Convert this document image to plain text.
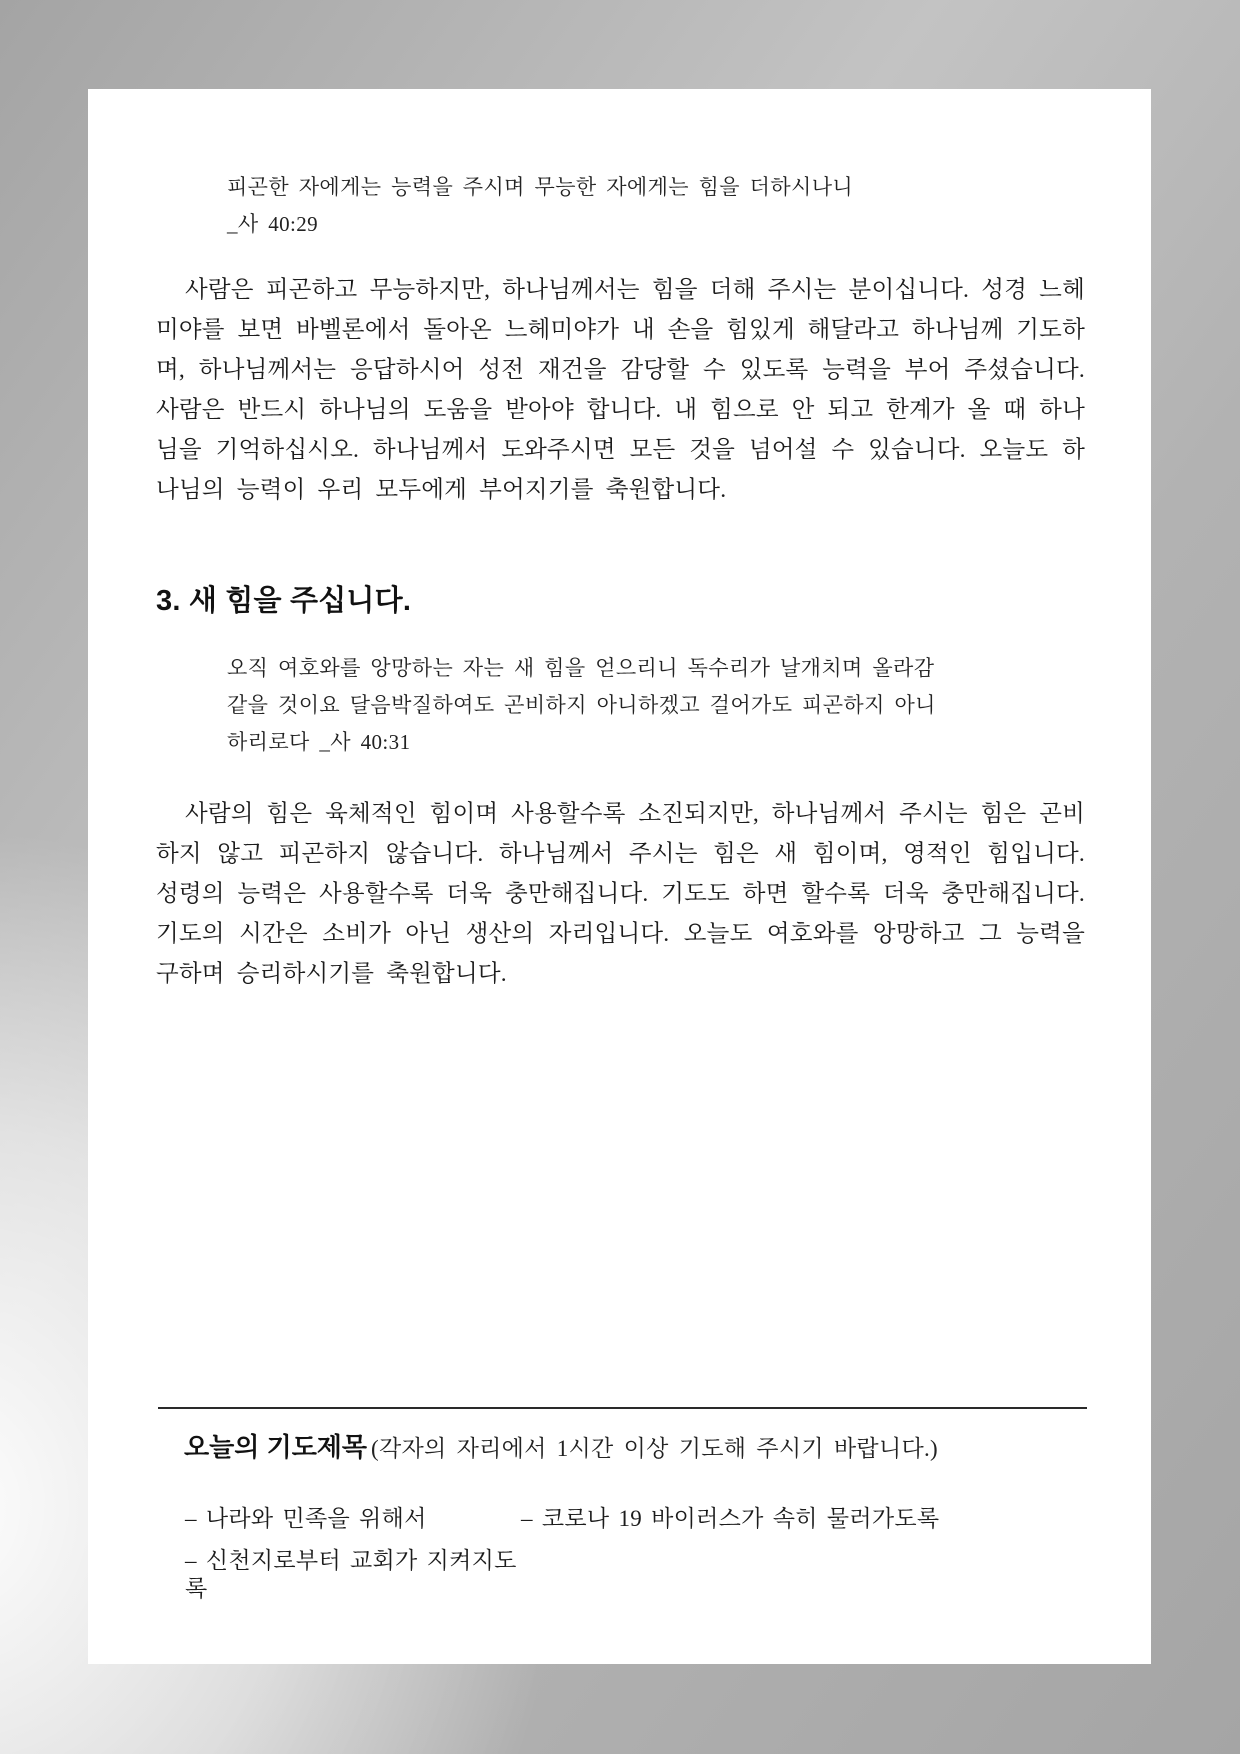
피곤한 자에게는 능력을 주시며 무능한 자에게는 힘을 더하시나니
_사 40:29

사람은 피곤하고 무능하지만, 하나님께서는 힘을 더해 주시는 분이십니다. 성경 느헤미야를 보면 바벨론에서 돌아온 느헤미야가 내 손을 힘있게 해달라고 하나님께 기도하며, 하나님께서는 응답하시어 성전 재건을 감당할 수 있도록 능력을 부어 주셨습니다. 사람은 반드시 하나님의 도움을 받아야 합니다. 내 힘으로 안 되고 한계가 올 때 하나님을 기억하십시오. 하나님께서 도와주시면 모든 것을 넘어설 수 있습니다. 오늘도 하나님의 능력이 우리 모두에게 부어지기를 축원합니다.

3. 새 힘을 주십니다.
오직 여호와를 앙망하는 자는 새 힘을 얻으리니 독수리가 날개치며 올라감
같을 것이요 달음박질하여도 곤비하지 아니하겠고 걸어가도 피곤하지 아니
하리로다 _사 40:31

사람의 힘은 육체적인 힘이며 사용할수록 소진되지만, 하나님께서 주시는 힘은 곤비하지 않고 피곤하지 않습니다. 하나님께서 주시는 힘은 새 힘이며, 영적인 힘입니다. 성령의 능력은 사용할수록 더욱 충만해집니다. 기도도 하면 할수록 더욱 충만해집니다. 기도의 시간은 소비가 아닌 생산의 자리입니다. 오늘도 여호와를 앙망하고 그 능력을 구하며 승리하시기를 축원합니다.

오늘의 기도제목 (각자의 자리에서 1시간 이상 기도해 주시기 바랍니다.)
– 나라와 민족을 위해서	– 코로나 19 바이러스가 속히 물러가도록
– 신천지로부터 교회가 지켜지도록
